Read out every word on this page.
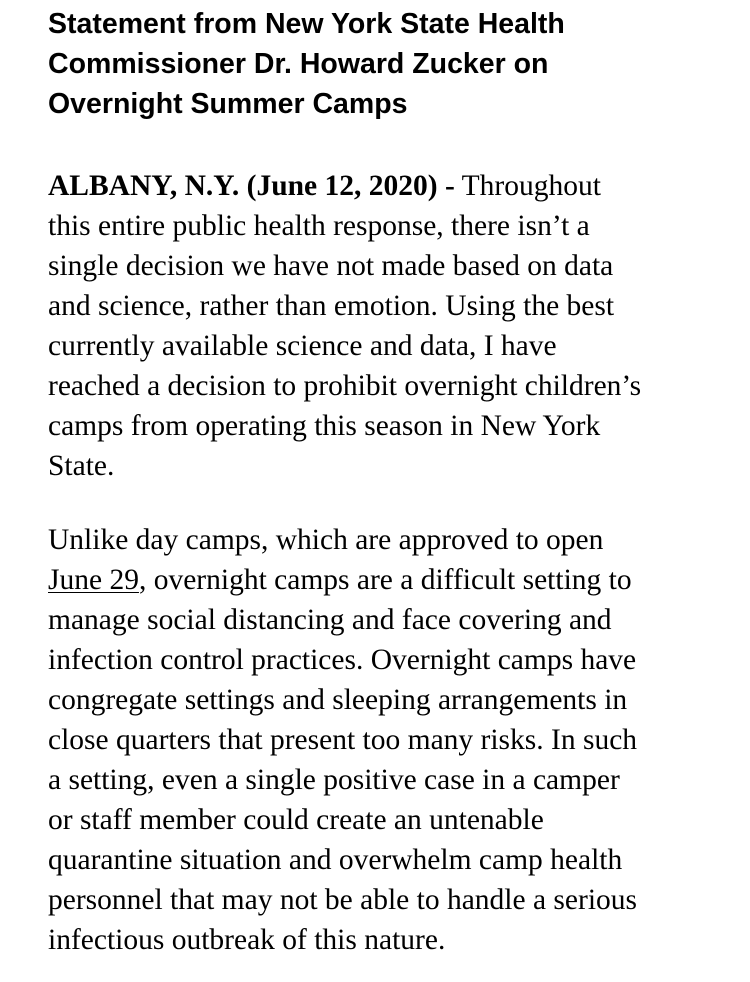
Statement from New York State Health
Commissioner Dr. Howard Zucker on
Overnight Summer Camps

ALBANY, N.Y. (June 12, 2020) - Throughout
this entire public health response, there isn’t a
single decision we have not made based on data
and science, rather than emotion. Using the best
currently available science and data, I have
reached a decision to prohibit overnight children’s
camps from operating this season in New York
State.

Unlike day camps, which are approved to open
June 29, overnight camps are a difficult setting to
manage social distancing and face covering and
infection control practices. Overnight camps have
congregate settings and sleeping arrangements in
close quarters that present too many risks. In such
a setting, even a single positive case in a camper
or staff member could create an untenable
quarantine situation and overwhelm camp health
personnel that may not be able to handle a serious
infectious outbreak of this nature.
